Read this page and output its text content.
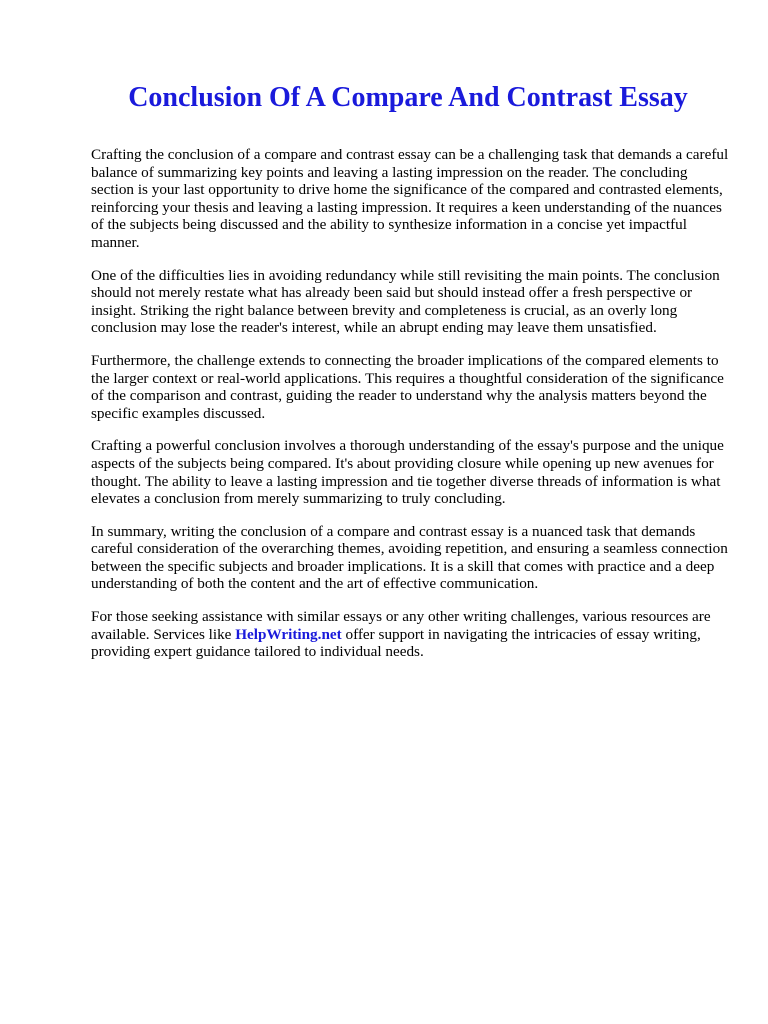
Conclusion Of A Compare And Contrast Essay

Crafting the conclusion of a compare and contrast essay can be a challenging task that demands a careful balance of summarizing key points and leaving a lasting impression on the reader. The concluding section is your last opportunity to drive home the significance of the compared and contrasted elements, reinforcing your thesis and leaving a lasting impression. It requires a keen understanding of the nuances of the subjects being discussed and the ability to synthesize information in a concise yet impactful manner.

One of the difficulties lies in avoiding redundancy while still revisiting the main points. The conclusion should not merely restate what has already been said but should instead offer a fresh perspective or insight. Striking the right balance between brevity and completeness is crucial, as an overly long conclusion may lose the reader's interest, while an abrupt ending may leave them unsatisfied.

Furthermore, the challenge extends to connecting the broader implications of the compared elements to the larger context or real-world applications. This requires a thoughtful consideration of the significance of the comparison and contrast, guiding the reader to understand why the analysis matters beyond the specific examples discussed.

Crafting a powerful conclusion involves a thorough understanding of the essay's purpose and the unique aspects of the subjects being compared. It's about providing closure while opening up new avenues for thought. The ability to leave a lasting impression and tie together diverse threads of information is what elevates a conclusion from merely summarizing to truly concluding.

In summary, writing the conclusion of a compare and contrast essay is a nuanced task that demands careful consideration of the overarching themes, avoiding repetition, and ensuring a seamless connection between the specific subjects and broader implications. It is a skill that comes with practice and a deep understanding of both the content and the art of effective communication.

For those seeking assistance with similar essays or any other writing challenges, various resources are available. Services like HelpWriting.net offer support in navigating the intricacies of essay writing, providing expert guidance tailored to individual needs.
